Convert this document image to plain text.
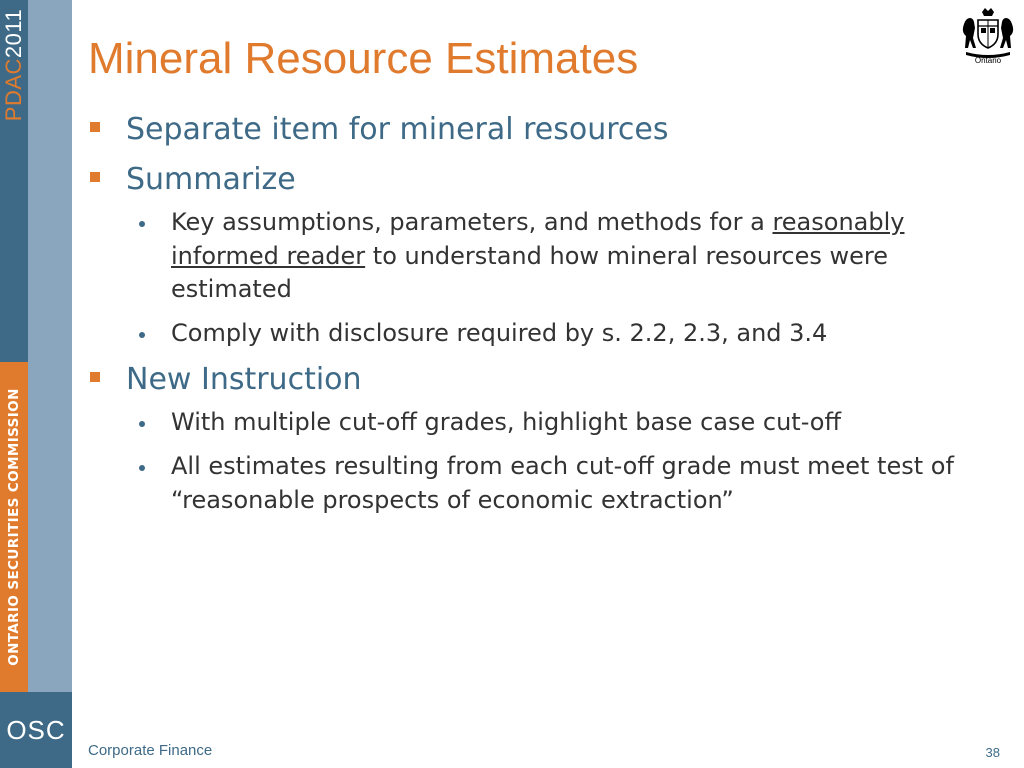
PDAC2011
ONTARIO SECURITIES COMMISSION
OSC
Mineral Resource Estimates	Ontario
Separate item for mineral resources
Summarize
Key assumptions, parameters, and methods for a reasonably informed reader to understand how mineral resources were estimated
Comply with disclosure required by s. 2.2, 2.3, and 3.4
New Instruction
With multiple cut-off grades, highlight base case cut-off
All estimates resulting from each cut-off grade must meet test of “reasonable prospects of economic extraction”
Corporate Finance	38
